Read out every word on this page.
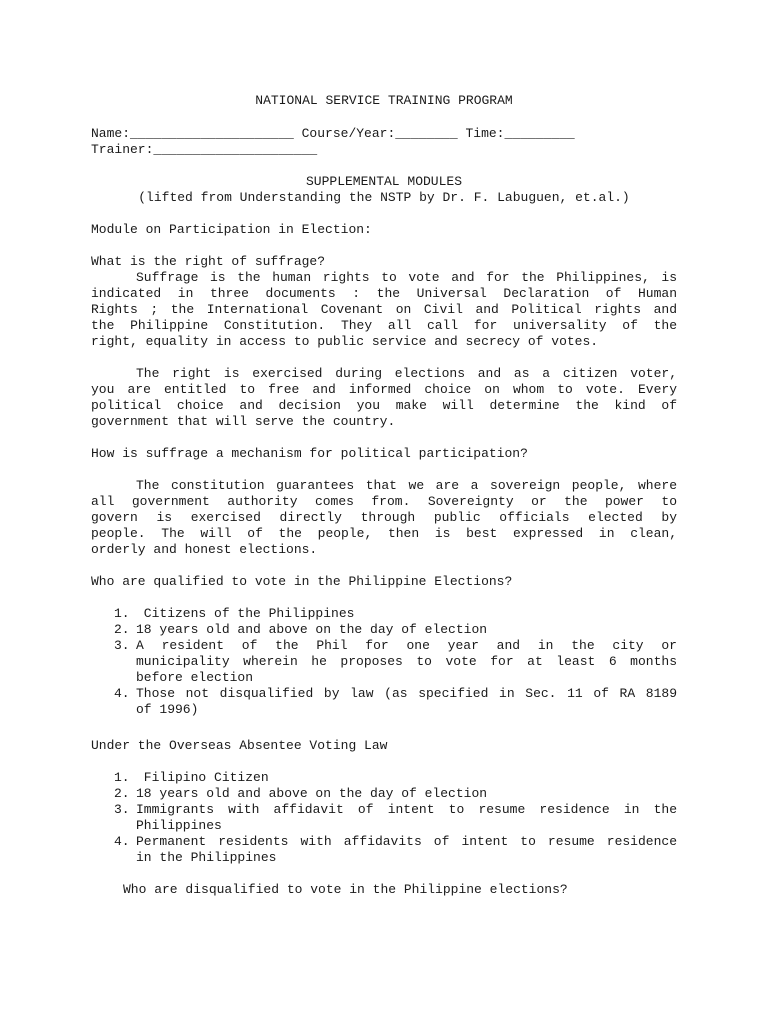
NATIONAL SERVICE TRAINING PROGRAM
Name:_____________________ Course/Year:________ Time:_________
Trainer:_____________________
SUPPLEMENTAL MODULES
(lifted from Understanding the NSTP by Dr. F. Labuguen, et.al.)
Module on Participation in Election:
What is the right of suffrage?
Suffrage is the human rights to vote and for the Philippines, is
indicated in three documents : the Universal Declaration of Human
Rights ; the International Covenant on Civil and Political rights and
the Philippine Constitution. They all call for universality of the
right, equality in access to public service and secrecy of votes.
The right is exercised during elections and as a citizen voter,
you are entitled to free and informed choice on whom to vote. Every
political choice and decision you make will determine the kind of
government that will serve the country.
How is suffrage a mechanism for political participation?
The constitution guarantees that we are a sovereign people, where
all government authority comes from. Sovereignty or the power to
govern is exercised directly through public officials elected by
people. The will of the people, then is best expressed in clean,
orderly and honest elections.
Who are qualified to vote in the Philippine Elections?
1. Citizens of the Philippines
2. 18 years old and above on the day of election
3. A resident of the Phil for one year and in the city or
municipality wherein he proposes to vote for at least 6 months
before election
4. Those not disqualified by law (as specified in Sec. 11 of RA 8189
of 1996)
Under the Overseas Absentee Voting Law
1. Filipino Citizen
2. 18 years old and above on the day of election
3. Immigrants with affidavit of intent to resume residence in the
Philippines
4. Permanent residents with affidavits of intent to resume residence
in the Philippines
Who are disqualified to vote in the Philippine elections?
